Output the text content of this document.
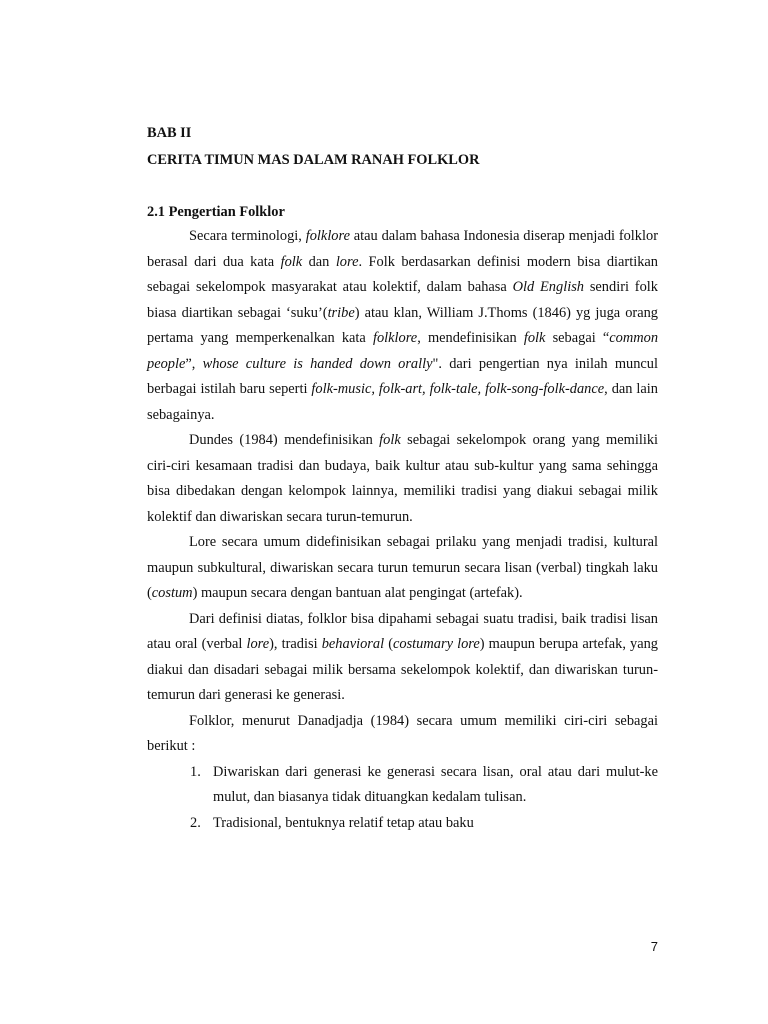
BAB II
CERITA TIMUN MAS DALAM RANAH FOLKLOR
2.1 Pengertian Folklor

Secara terminologi, folklore atau dalam bahasa Indonesia diserap menjadi folklor berasal dari dua kata folk dan lore. Folk berdasarkan definisi modern bisa diartikan sebagai sekelompok masyarakat atau kolektif, dalam bahasa Old English sendiri folk biasa diartikan sebagai ‘suku’(tribe) atau klan, William J.Thoms (1846) yg juga orang pertama yang memperkenalkan kata folklore, mendefinisikan folk sebagai “common people”, whose culture is handed down orally". dari pengertian nya inilah muncul berbagai istilah baru seperti folk-music, folk-art, folk-tale, folk-song-folk-dance, dan lain sebagainya.

Dundes (1984) mendefinisikan folk sebagai sekelompok orang yang memiliki ciri-ciri kesamaan tradisi dan budaya, baik kultur atau sub-kultur yang sama sehingga bisa dibedakan dengan kelompok lainnya, memiliki tradisi yang diakui sebagai milik kolektif dan diwariskan secara turun-temurun.

Lore secara umum didefinisikan sebagai prilaku yang menjadi tradisi, kultural maupun subkultural, diwariskan secara turun temurun secara lisan (verbal) tingkah laku (costum) maupun secara dengan bantuan alat pengingat (artefak).

Dari definisi diatas, folklor bisa dipahami sebagai suatu tradisi, baik tradisi lisan atau oral (verbal lore), tradisi behavioral (costumary lore) maupun berupa artefak, yang diakui dan disadari sebagai milik bersama sekelompok kolektif, dan diwariskan turun-temurun dari generasi ke generasi.

Folklor, menurut Danadjadja (1984) secara umum memiliki ciri-ciri sebagai berikut :

1. Diwariskan dari generasi ke generasi secara lisan, oral atau dari mulut-ke mulut, dan biasanya tidak dituangkan kedalam tulisan.
2. Tradisional, bentuknya relatif tetap atau baku
7
